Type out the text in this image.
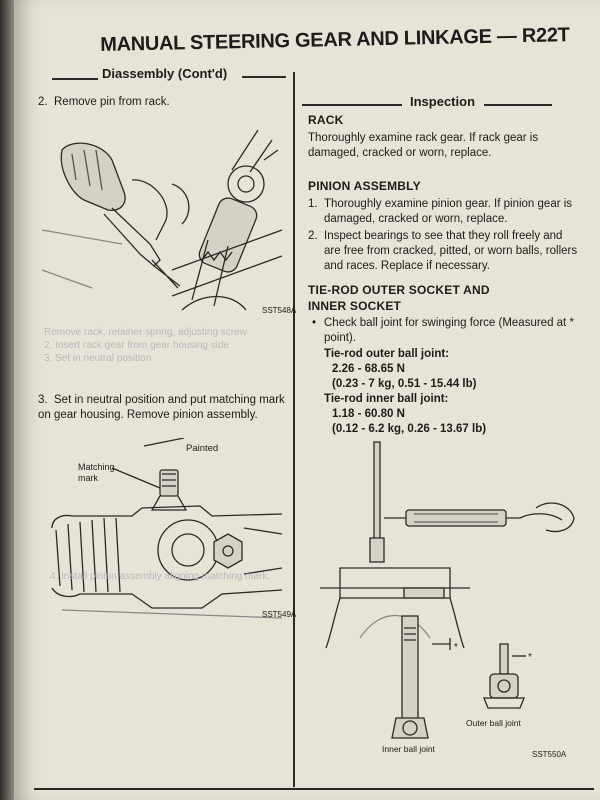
MANUAL STEERING GEAR AND LINKAGE — R22T
Diassembly (Cont'd)
Inspection
2. Remove pin from rack.
SST548A
Remove rack, retainer spring, adjusting screw
2. Insert rack gear from gear housing side
3. Set in neutral position
3. Set in neutral position and put matching mark on gear housing. Remove pinion assembly.
Painted
Matching mark
SST549A
4. Install pinion assembly aligning matching mark.
RACK
Thoroughly examine rack gear. If rack gear is damaged, cracked or worn, replace.
PINION ASSEMBLY
1. Thoroughly examine pinion gear. If pinion gear is damaged, cracked or worn, replace.
2. Inspect bearings to see that they roll freely and are free from cracked, pitted, or worn balls, rollers and races. Replace if necessary.
TIE-ROD OUTER SOCKET AND
INNER SOCKET
• Check ball joint for swinging force (Measured at * point).
Tie-rod outer ball joint:
2.26 - 68.65 N
(0.23 - 7 kg, 0.51 - 15.44 lb)
Tie-rod inner ball joint:
1.18 - 60.80 N
(0.12 - 6.2 kg, 0.26 - 13.67 lb)
*
*
Outer ball joint
Inner ball joint
SST550A
